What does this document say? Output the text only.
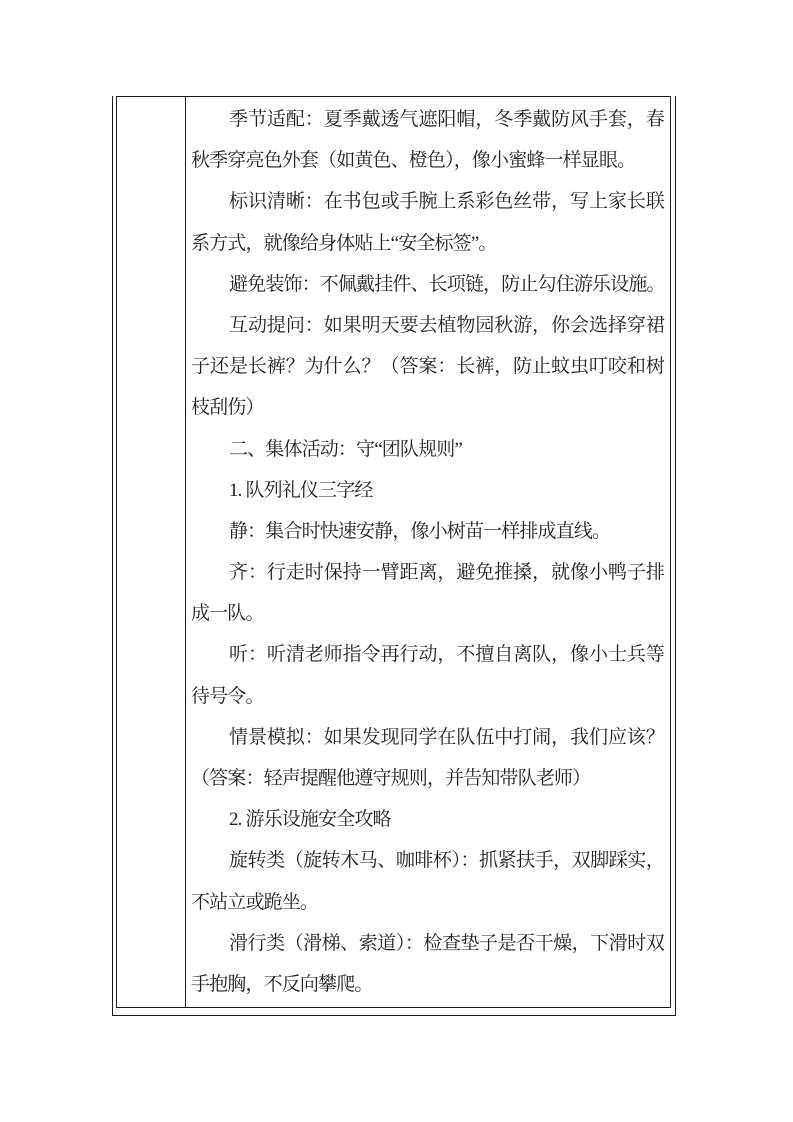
季节适配：夏季戴透气遮阳帽，冬季戴防风手套，春
秋季穿亮色外套（如黄色、橙色），像小蜜蜂一样显眼。
标识清晰：在书包或手腕上系彩色丝带，写上家长联
系方式，就像给身体贴上“安全标签”。
避免装饰：不佩戴挂件、长项链，防止勾住游乐设施。
互动提问：如果明天要去植物园秋游，你会选择穿裙
子还是长裤？为什么？（答案：长裤，防止蚊虫叮咬和树
枝刮伤）
二、集体活动：守“团队规则”
1. 队列礼仪三字经
静：集合时快速安静，像小树苗一样排成直线。
齐：行走时保持一臂距离，避免推搡，就像小鸭子排
成一队。
听：听清老师指令再行动，不擅自离队，像小士兵等
待号令。
情景模拟：如果发现同学在队伍中打闹，我们应该？
（答案：轻声提醒他遵守规则，并告知带队老师）
2. 游乐设施安全攻略
旋转类（旋转木马、咖啡杯）：抓紧扶手，双脚踩实，
不站立或跪坐。
滑行类（滑梯、索道）：检查垫子是否干燥，下滑时双
手抱胸，不反向攀爬。
